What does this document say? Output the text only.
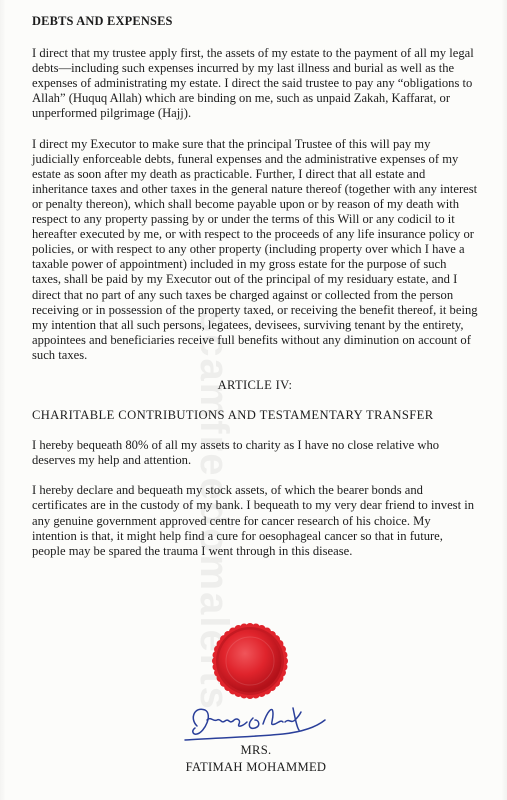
scamfreedomalerts
DEBTS AND EXPENSES

I direct that my trustee apply first, the assets of my estate to the payment of all my legal debts—including such expenses incurred by my last illness and burial as well as the expenses of administrating my estate. I direct the said trustee to pay any “obligations to Allah” (Huquq Allah) which are binding on me, such as unpaid Zakah, Kaffarat, or unperformed pilgrimage (Hajj).

I direct my Executor to make sure that the principal Trustee of this will pay my judicially enforceable debts, funeral expenses and the administrative expenses of my estate as soon after my death as practicable. Further, I direct that all estate and inheritance taxes and other taxes in the general nature thereof (together with any interest or penalty thereon), which shall become payable upon or by reason of my death with respect to any property passing by or under the terms of this Will or any codicil to it hereafter executed by me, or with respect to the proceeds of any life insurance policy or policies, or with respect to any other property (including property over which I have a taxable power of appointment) included in my gross estate for the purpose of such taxes, shall be paid by my Executor out of the principal of my residuary estate, and I direct that no part of any such taxes be charged against or collected from the person receiving or in possession of the property taxed, or receiving the benefit thereof, it being my intention that all such persons, legatees, devisees, surviving tenant by the entirety, appointees and beneficiaries receive full benefits without any diminution on account of such taxes.

ARTICLE IV:
CHARITABLE CONTRIBUTIONS AND TESTAMENTARY TRANSFER

I hereby bequeath 80% of all my assets to charity as I have no close relative who deserves my help and attention.

I hereby declare and bequeath my stock assets, of which the bearer bonds and certificates are in the custody of my bank. I bequeath to my very dear friend to invest in any genuine government approved centre for cancer research of his choice. My intention is that, it might help find a cure for oesophageal cancer so that in future, people may be spared the trauma I went through in this disease.

MRS.
FATIMAH MOHAMMED
